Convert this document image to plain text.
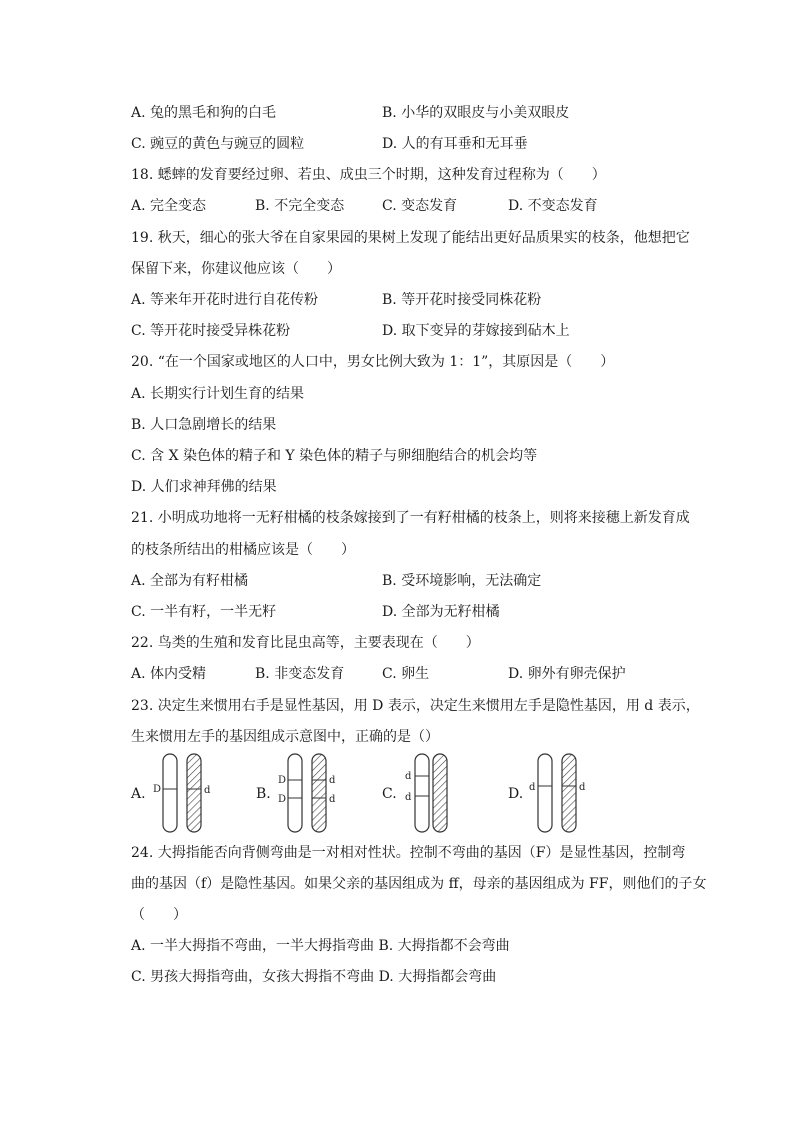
A. 兔的黑毛和狗的白毛	B. 小华的双眼皮与小美双眼皮
C. 豌豆的黄色与豌豆的圆粒	D. 人的有耳垂和无耳垂
18. 蟋蟀的发育要经过卵、若虫、成虫三个时期，这种发育过程称为（　　）
A. 完全变态	B. 不完全变态	C. 变态发育	D. 不变态发育
19. 秋天，细心的张大爷在自家果园的果树上发现了能结出更好品质果实的枝条，他想把它
保留下来，你建议他应该（　　）
A. 等来年开花时进行自花传粉	B. 等开花时接受同株花粉
C. 等开花时接受异株花粉	D. 取下变异的芽嫁接到砧木上
20. “在一个国家或地区的人口中，男女比例大致为 1：1”，其原因是（　　）
A. 长期实行计划生育的结果
B. 人口急剧增长的结果
C. 含 X 染色体的精子和 Y 染色体的精子与卵细胞结合的机会均等
D. 人们求神拜佛的结果
21. 小明成功地将一无籽柑橘的枝条嫁接到了一有籽柑橘的枝条上，则将来接穗上新发育成
的枝条所结出的柑橘应该是（　　）
A. 全部为有籽柑橘	B. 受环境影响，无法确定
C. 一半有籽，一半无籽	D. 全部为无籽柑橘
22. 鸟类的生殖和发育比昆虫高等，主要表现在（　　）
A. 体内受精	B. 非变态发育	C. 卵生	D. 卵外有卵壳保护
23. 决定生来惯用右手是显性基因，用 D 表示，决定生来惯用左手是隐性基因，用 d 表示，
生来惯用左手的基因组成示意图中，正确的是（）
A. D	d	B.
D
D
d
d	C.
d
d	D. d	d
24. 大拇指能否向背侧弯曲是一对相对性状。控制不弯曲的基因（F）是显性基因，控制弯
曲的基因（f）是隐性基因。如果父亲的基因组成为 ff，母亲的基因组成为 FF，则他们的子女
（　　）
A. 一半大拇指不弯曲，一半大拇指弯曲 B. 大拇指都不会弯曲
C. 男孩大拇指弯曲，女孩大拇指不弯曲 D. 大拇指都会弯曲
